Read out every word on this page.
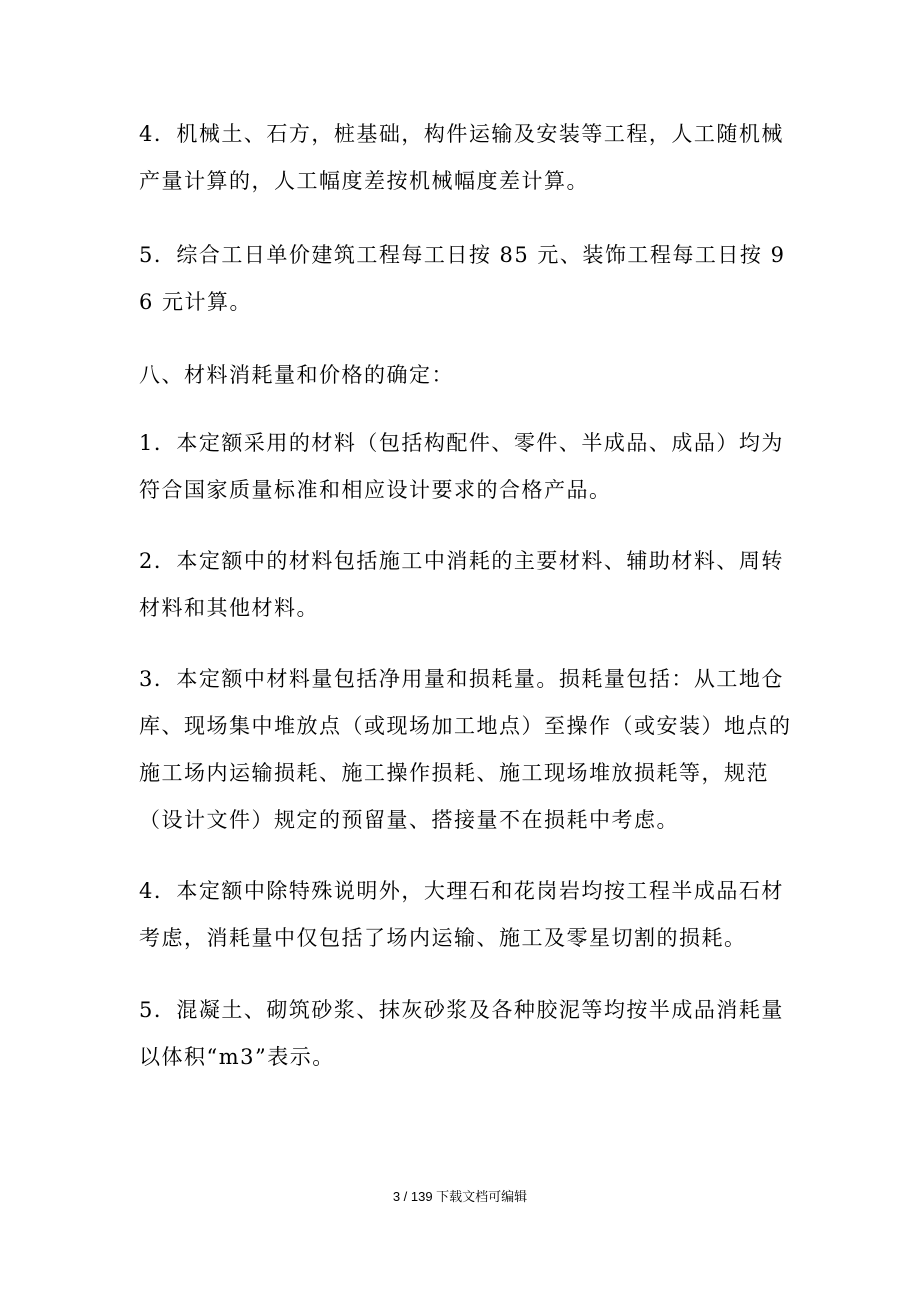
4．机械土、石方，桩基础，构件运输及安装等工程，人工随机械产量计算的，人工幅度差按机械幅度差计算。

5．综合工日单价建筑工程每工日按 85 元、装饰工程每工日按 96 元计算。

八、材料消耗量和价格的确定：

1．本定额采用的材料（包括构配件、零件、半成品、成品）均为符合国家质量标准和相应设计要求的合格产品。

2．本定额中的材料包括施工中消耗的主要材料、辅助材料、周转材料和其他材料。

3．本定额中材料量包括净用量和损耗量。损耗量包括：从工地仓库、现场集中堆放点（或现场加工地点）至操作（或安装）地点的施工场内运输损耗、施工操作损耗、施工现场堆放损耗等，规范（设计文件）规定的预留量、搭接量不在损耗中考虑。

4．本定额中除特殊说明外，大理石和花岗岩均按工程半成品石材考虑，消耗量中仅包括了场内运输、施工及零星切割的损耗。

5．混凝土、砌筑砂浆、抹灰砂浆及各种胶泥等均按半成品消耗量以体积“m3”表示。

3 / 139 下载文档可编辑
